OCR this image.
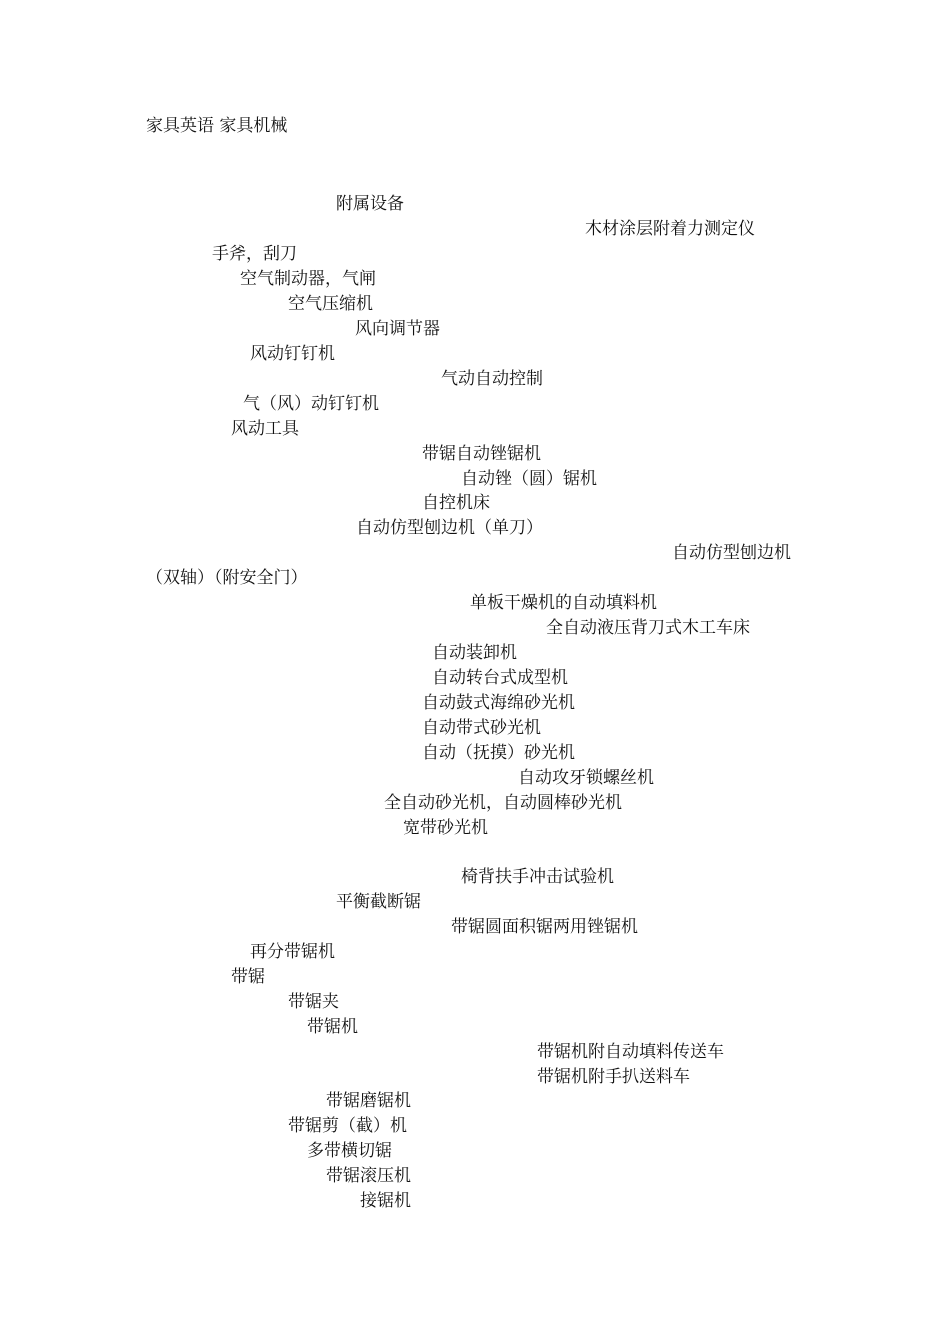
家具英语 家具机械
附属设备
木材涂层附着力测定仪
手斧，刮刀
空气制动器，气闸
空气压缩机
风向调节器
风动钉钉机
气动自动控制
气（风）动钉钉机
风动工具
带锯自动锉锯机
自动锉（圆）锯机
自控机床
自动仿型刨边机（单刀）
自动仿型刨边机
（双轴）（附安全门）
单板干燥机的自动填料机
全自动液压背刀式木工车床
自动装卸机
自动转台式成型机
自动鼓式海绵砂光机
自动带式砂光机
自动（抚摸）砂光机
自动攻牙锁螺丝机
全自动砂光机，自动圆棒砂光机
宽带砂光机
椅背扶手冲击试验机
平衡截断锯
带锯圆面积锯两用锉锯机
再分带锯机
带锯
带锯夹
带锯机
带锯机附自动填料传送车
带锯机附手扒送料车
带锯磨锯机
带锯剪（截）机
多带横切锯
带锯滚压机
接锯机
